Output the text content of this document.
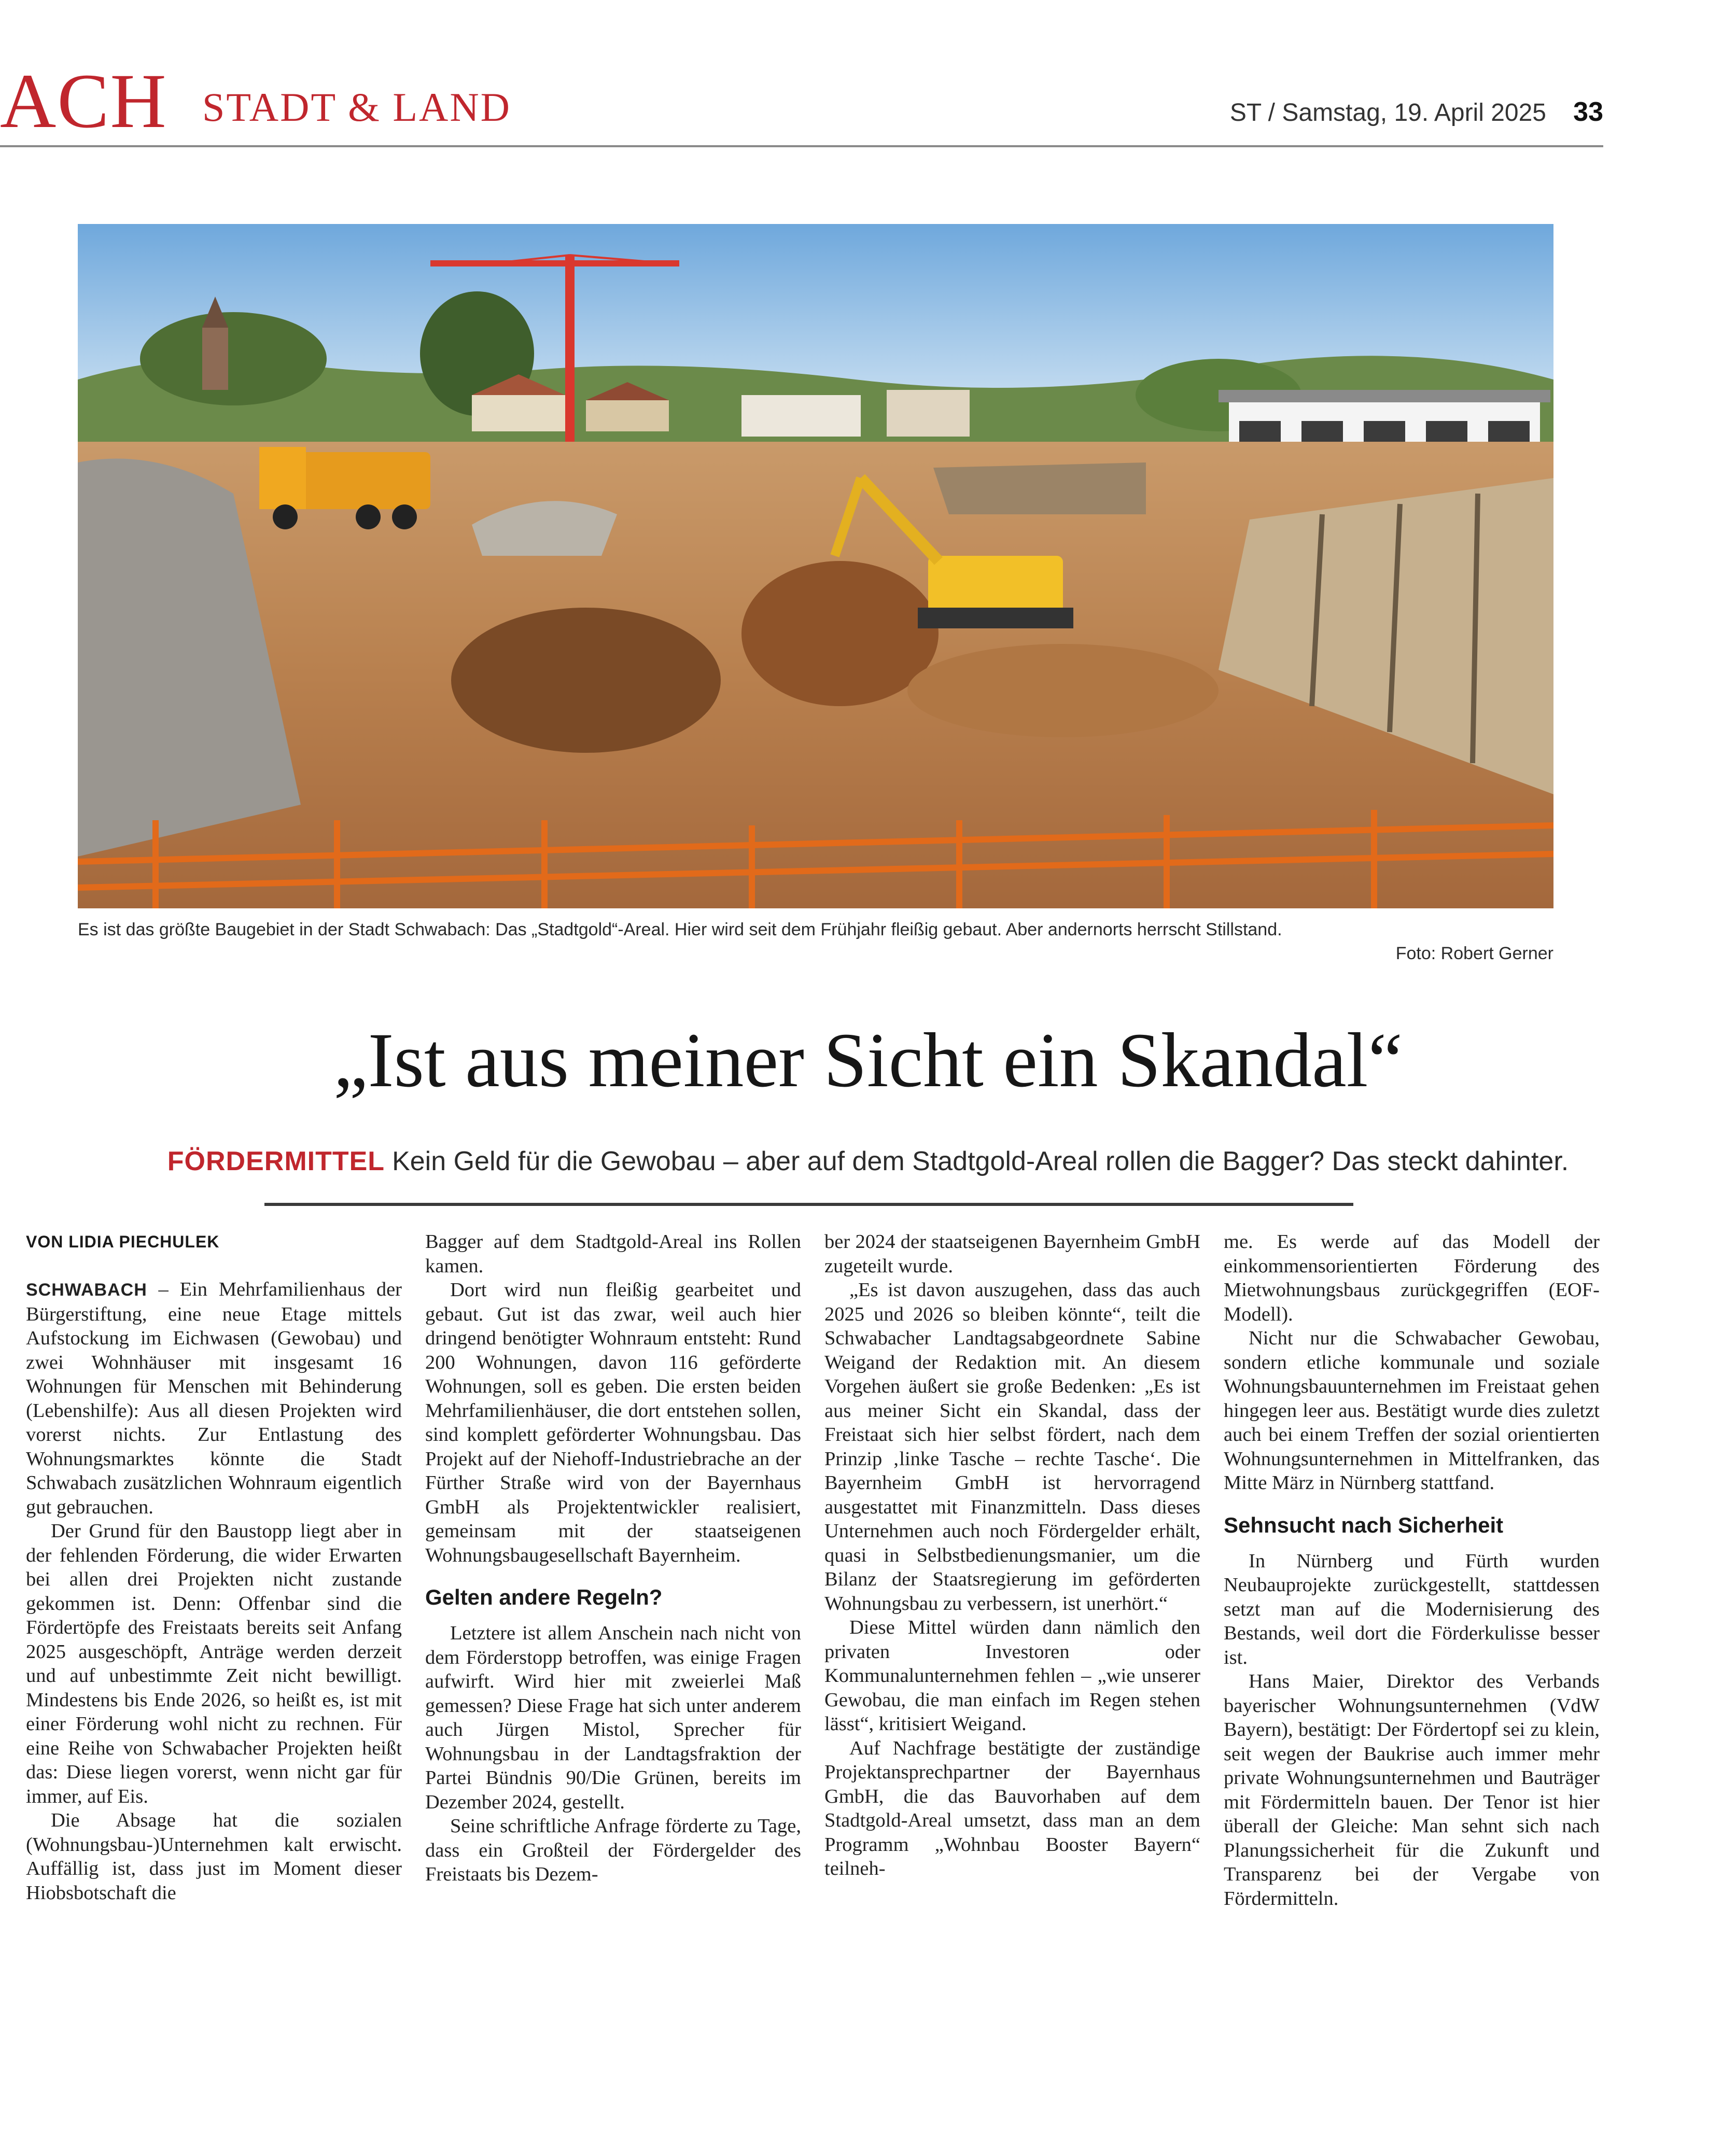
ACH STADT & LAND	ST / Samstag, 19. April 2025 33
Es ist das größte Baugebiet in der Stadt Schwabach: Das „Stadtgold“-Areal. Hier wird seit dem Frühjahr fleißig gebaut. Aber andernorts herrscht Stillstand.
Foto: Robert Gerner
„Ist aus meiner Sicht ein Skandal“
FÖRDERMITTEL Kein Geld für die Gewobau – aber auf dem Stadtgold-Areal rollen die Bagger? Das steckt dahinter.
VON LIDIA PIECHULEK

SCHWABACH – Ein Mehrfamilienhaus der Bürgerstiftung, eine neue Etage mittels Aufstockung im Eichwasen (Gewobau) und zwei Wohnhäuser mit insgesamt 16 Wohnungen für Menschen mit Behinderung (Lebenshilfe): Aus all diesen Projekten wird vorerst nichts. Zur Entlastung des Wohnungsmarktes könnte die Stadt Schwabach zusätzlichen Wohnraum eigentlich gut gebrauchen.

Der Grund für den Baustopp liegt aber in der fehlenden Förderung, die wider Erwarten bei allen drei Projekten nicht zustande gekommen ist. Denn: Offenbar sind die Fördertöpfe des Freistaats bereits seit Anfang 2025 ausgeschöpft, Anträge werden derzeit und auf unbestimmte Zeit nicht bewilligt. Mindestens bis Ende 2026, so heißt es, ist mit einer Förderung wohl nicht zu rechnen. Für eine Reihe von Schwabacher Projekten heißt das: Diese liegen vorerst, wenn nicht gar für immer, auf Eis.

Die Absage hat die sozialen (Wohnungsbau-)Unternehmen kalt erwischt. Auffällig ist, dass just im Moment dieser Hiobsbotschaft die

Bagger auf dem Stadtgold-Areal ins Rollen kamen.

Dort wird nun fleißig gearbeitet und gebaut. Gut ist das zwar, weil auch hier dringend benötigter Wohnraum entsteht: Rund 200 Wohnungen, davon 116 geförderte Wohnungen, soll es geben. Die ersten beiden Mehrfamilienhäuser, die dort entstehen sollen, sind komplett geförderter Wohnungsbau. Das Projekt auf der Niehoff-Industriebrache an der Fürther Straße wird von der Bayernhaus GmbH als Projektentwickler realisiert, gemeinsam mit der staatseigenen Wohnungsbaugesellschaft Bayernheim.

Gelten andere Regeln?

Letztere ist allem Anschein nach nicht von dem Förderstopp betroffen, was einige Fragen aufwirft. Wird hier mit zweierlei Maß gemessen? Diese Frage hat sich unter anderem auch Jürgen Mistol, Sprecher für Wohnungsbau in der Landtagsfraktion der Partei Bündnis 90/Die Grünen, bereits im Dezember 2024, gestellt.

Seine schriftliche Anfrage förderte zu Tage, dass ein Großteil der Fördergelder des Freistaats bis Dezem-

ber 2024 der staatseigenen Bayernheim GmbH zugeteilt wurde.

„Es ist davon auszugehen, dass das auch 2025 und 2026 so bleiben könnte“, teilt die Schwabacher Landtagsabgeordnete Sabine Weigand der Redaktion mit. An diesem Vorgehen äußert sie große Bedenken: „Es ist aus meiner Sicht ein Skandal, dass der Freistaat sich hier selbst fördert, nach dem Prinzip ‚linke Tasche – rechte Tasche‘. Die Bayernheim GmbH ist hervorragend ausgestattet mit Finanzmitteln. Dass dieses Unternehmen auch noch Fördergelder erhält, quasi in Selbstbedienungsmanier, um die Bilanz der Staatsregierung im geförderten Wohnungsbau zu verbessern, ist unerhört.“

Diese Mittel würden dann nämlich den privaten Investoren oder Kommunalunternehmen fehlen – „wie unserer Gewobau, die man einfach im Regen stehen lässt“, kritisiert Weigand.

Auf Nachfrage bestätigte der zuständige Projektansprechpartner der Bayernhaus GmbH, die das Bauvorhaben auf dem Stadtgold-Areal umsetzt, dass man an dem Programm „Wohnbau Booster Bayern“ teilneh-

me. Es werde auf das Modell der einkommensorientierten Förderung des Mietwohnungsbaus zurückgegriffen (EOF-Modell).

Nicht nur die Schwabacher Gewobau, sondern etliche kommunale und soziale Wohnungsbauunternehmen im Freistaat gehen hingegen leer aus. Bestätigt wurde dies zuletzt auch bei einem Treffen der sozial orientierten Wohnungsunternehmen in Mittelfranken, das Mitte März in Nürnberg stattfand.

Sehnsucht nach Sicherheit

In Nürnberg und Fürth wurden Neubauprojekte zurückgestellt, stattdessen setzt man auf die Modernisierung des Bestands, weil dort die Förderkulisse besser ist.

Hans Maier, Direktor des Verbands bayerischer Wohnungsunternehmen (VdW Bayern), bestätigt: Der Fördertopf sei zu klein, seit wegen der Baukrise auch immer mehr private Wohnungsunternehmen und Bauträger mit Fördermitteln bauen. Der Tenor ist hier überall der Gleiche: Man sehnt sich nach Planungssicherheit für die Zukunft und Transparenz bei der Vergabe von Fördermitteln.
